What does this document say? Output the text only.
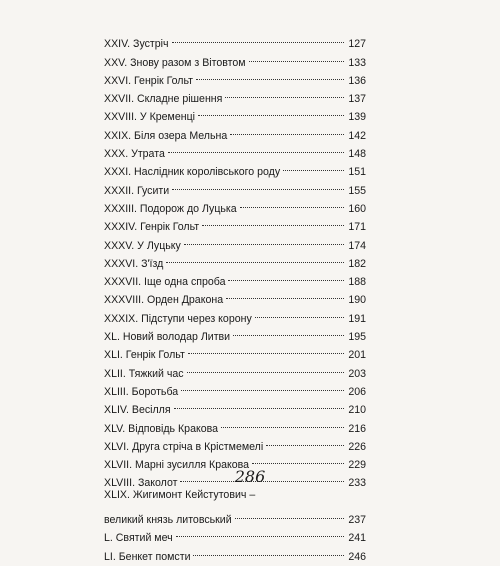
XXIV. Зустріч	127
XXV. Знову разом з Вітовтом	133
XXVI. Генрік Гольт	136
XXVII. Складне рішення	137
XXVIII. У Кременці	139
XXIX. Біля озера Мельна	142
XXX. Утрата	148
XXXI. Наслідник королівського роду	151
XXXII. Гусити	155
XXXIII. Подорож до Луцька	160
XXXIV. Генрік Гольт	171
XXXV. У Луцьку	174
XXXVI. З'їзд	182
XXXVII. Іще одна спроба	188
XXXVIII. Орден Дракона	190
XXXIX. Підступи через корону	191
XL. Новий володар Литви	195
XLI. Генрік Гольт	201
XLII. Тяжкий час	203
XLIII. Боротьба	206
XLIV. Весілля	210
XLV. Відповідь Кракова	216
XLVI. Друга стріча в Крістмемелі	226
XLVII. Марні зусилля Кракова	229
XLVIII. Заколот	233
XLIX. Жигимонт Кейстутович –
великий князь литовський	237
L. Святий меч	241
LI. Бенкет помсти	246
286
